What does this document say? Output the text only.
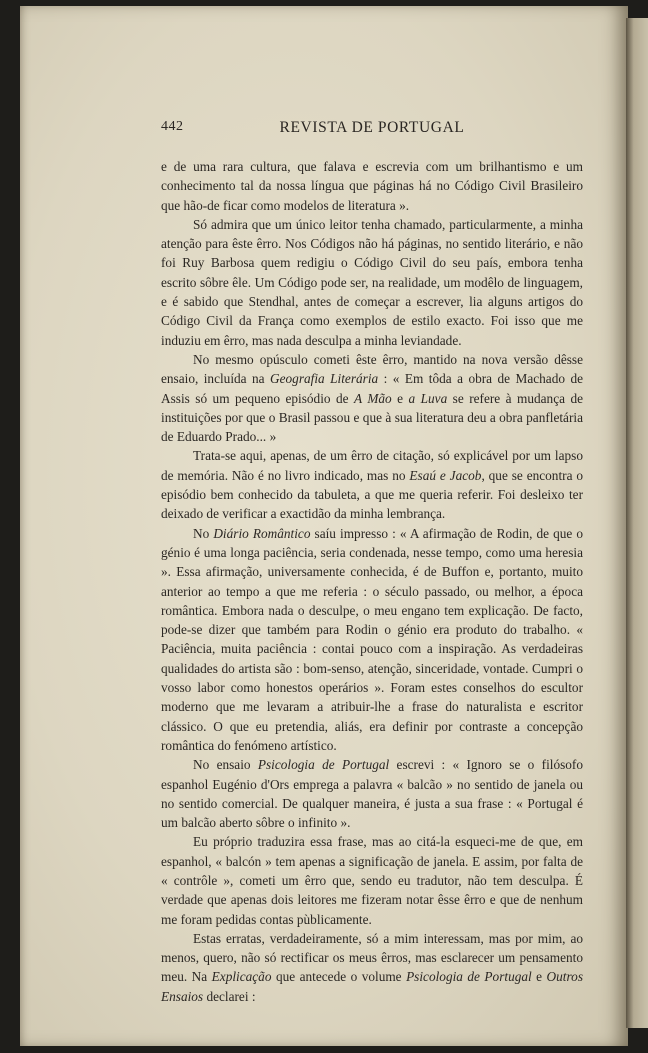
442	REVISTA DE PORTUGAL

e de uma rara cultura, que falava e escrevia com um brilhantismo e um conhecimento tal da nossa língua que páginas há no Código Civil Brasileiro que hão-de ficar como modelos de literatura ».

Só admira que um único leitor tenha chamado, particularmente, a minha atenção para êste êrro. Nos Códigos não há páginas, no sentido literário, e não foi Ruy Barbosa quem redigiu o Código Civil do seu país, embora tenha escrito sôbre êle. Um Código pode ser, na realidade, um modêlo de linguagem, e é sabido que Stendhal, antes de começar a escrever, lia alguns artigos do Código Civil da França como exemplos de estilo exacto. Foi isso que me induziu em êrro, mas nada desculpa a minha leviandade.

No mesmo opúsculo cometi êste êrro, mantido na nova versão dêsse ensaio, incluída na Geografia Literária : « Em tôda a obra de Machado de Assis só um pequeno episódio de A Mão e a Luva se refere à mudança de instituições por que o Brasil passou e que à sua literatura deu a obra panfletária de Eduardo Prado... »

Trata-se aqui, apenas, de um êrro de citação, só explicável por um lapso de memória. Não é no livro indicado, mas no Esaú e Jacob, que se encontra o episódio bem conhecido da tabuleta, a que me queria referir. Foi desleixo ter deixado de verificar a exactidão da minha lembrança.

No Diário Romântico saíu impresso : « A afirmação de Rodin, de que o génio é uma longa paciência, seria condenada, nesse tempo, como uma heresia ». Essa afirmação, universamente conhecida, é de Buffon e, portanto, muito anterior ao tempo a que me referia : o século passado, ou melhor, a época romântica. Embora nada o desculpe, o meu engano tem explicação. De facto, pode-se dizer que também para Rodin o génio era produto do trabalho. « Paciência, muita paciência : contai pouco com a inspiração. As verdadeiras qualidades do artista são : bom-senso, atenção, sinceridade, vontade. Cumpri o vosso labor como honestos operários ». Foram estes conselhos do escultor moderno que me levaram a atribuir-lhe a frase do naturalista e escritor clássico. O que eu pretendia, aliás, era definir por contraste a concepção romântica do fenómeno artístico.

No ensaio Psicologia de Portugal escrevi : « Ignoro se o filósofo espanhol Eugénio d'Ors emprega a palavra « balcão » no sentido de janela ou no sentido comercial. De qualquer maneira, é justa a sua frase : « Portugal é um balcão aberto sôbre o infinito ».

Eu próprio traduzira essa frase, mas ao citá-la esqueci-me de que, em espanhol, « balcón » tem apenas a significação de janela. E assim, por falta de « contrôle », cometi um êrro que, sendo eu tradutor, não tem desculpa. É verdade que apenas dois leitores me fizeram notar êsse êrro e que de nenhum me foram pedidas contas pùblicamente.

Estas erratas, verdadeiramente, só a mim interessam, mas por mim, ao menos, quero, não só rectificar os meus êrros, mas esclarecer um pensamento meu. Na Explicação que antecede o volume Psicologia de Portugal e Outros Ensaios declarei :
